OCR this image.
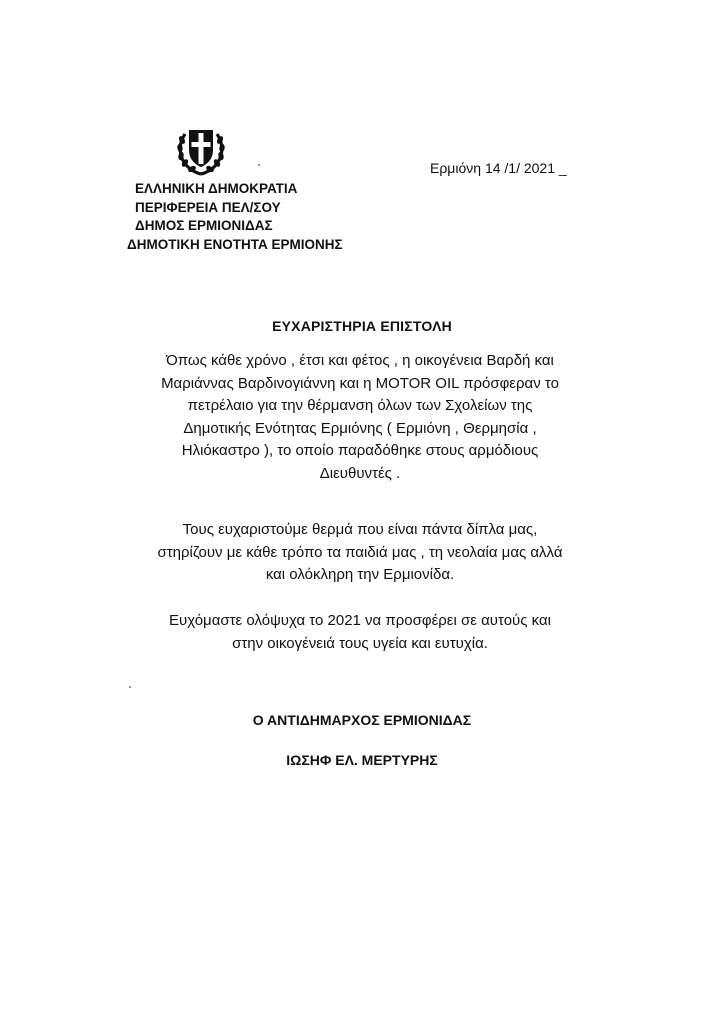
ΕΛΛΗΝΙΚΗ ΔΗΜΟΚΡΑΤΙΑ
ΠΕΡΙΦΕΡΕΙΑ ΠΕΛ/ΣΟΥ
ΔΗΜΟΣ ΕΡΜΙΟΝΙΔΑΣ
ΔΗΜΟΤΙΚΗ ΕΝΟΤΗΤΑ ΕΡΜΙΟΝΗΣ
Ερμιόνη 14 /1/ 2021 _
ΕΥΧΑΡΙΣΤΗΡΙΑ ΕΠΙΣΤΟΛΗ
Όπως κάθε χρόνο , έτσι και φέτος , η οικογένεια Βαρδή και
Μαριάννας Βαρδινογιάννη και η MOTOR OIL πρόσφεραν το
πετρέλαιο για την θέρμανση όλων των Σχολείων της
Δημοτικής Ενότητας Ερμιόνης ( Ερμιόνη , Θερμησία ,
Ηλιόκαστρο ), το οποίο παραδόθηκε στους αρμόδιους
Διευθυντές .
Τους ευχαριστούμε θερμά που είναι πάντα δίπλα μας,
στηρίζουν με κάθε τρόπο τα παιδιά μας , τη νεολαία μας αλλά
και ολόκληρη την Ερμιονίδα.
Ευχόμαστε ολόψυχα το 2021 να προσφέρει σε αυτούς και
στην οικογένειά τους υγεία και ευτυχία.
Ο ΑΝΤΙΔΗΜΑΡΧΟΣ ΕΡΜΙΟΝΙΔΑΣ
ΙΩΣΗΦ ΕΛ. ΜΕΡΤΥΡΗΣ
